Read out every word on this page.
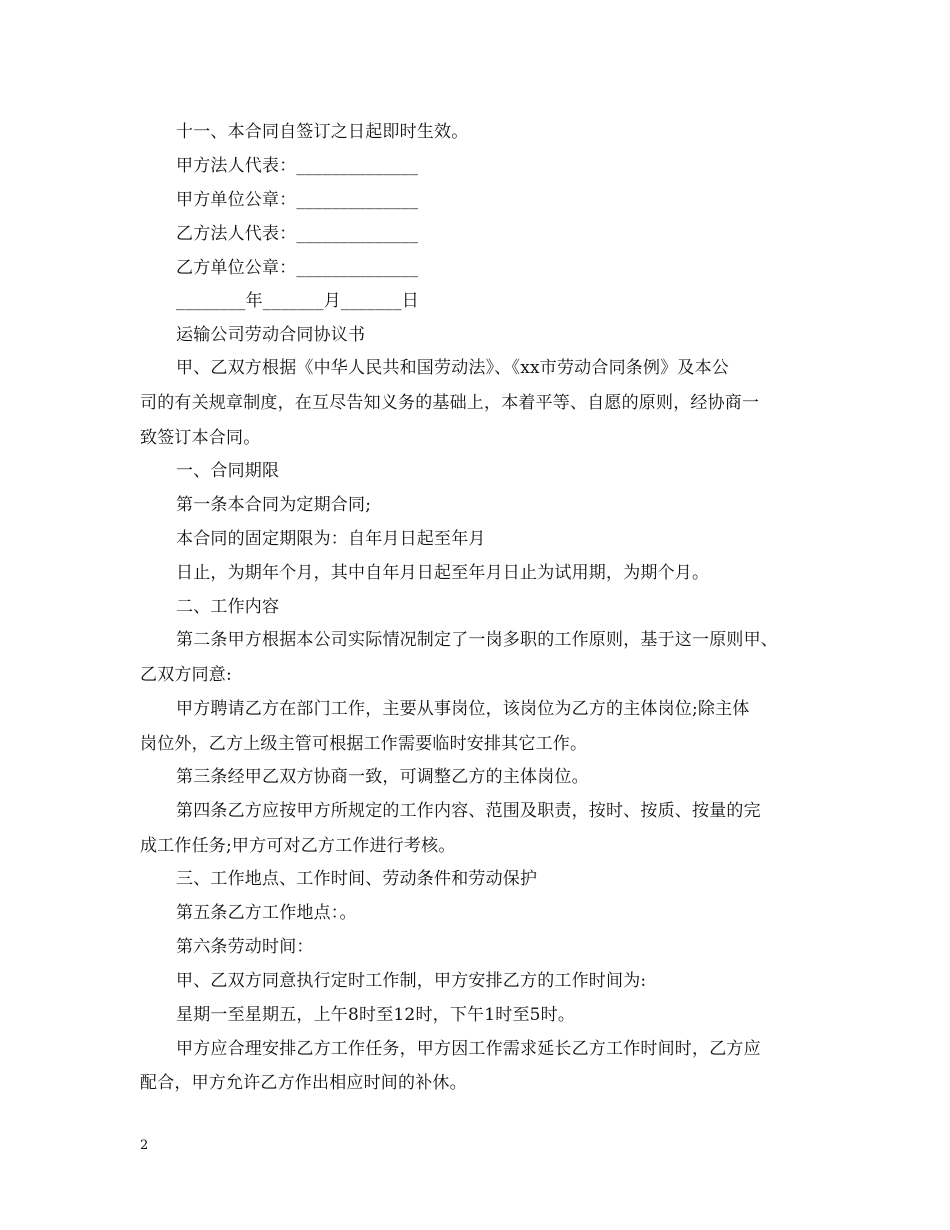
十一、本合同自签订之日起即时生效。
甲方法人代表：______________
甲方单位公章：______________
乙方法人代表：______________
乙方单位公章：______________
________年_______月_______日
运输公司劳动合同协议书
甲、乙双方根据《中华人民共和国劳动法》、《xx市劳动合同条例》及本公
司的有关规章制度，在互尽告知义务的基础上，本着平等、自愿的原则，经协商一
致签订本合同。
一、合同期限
第一条本合同为定期合同;
本合同的固定期限为：自年月日起至年月
日止，为期年个月，其中自年月日起至年月日止为试用期，为期个月。
二、工作内容
第二条甲方根据本公司实际情况制定了一岗多职的工作原则，基于这一原则甲、
乙双方同意:
甲方聘请乙方在部门工作，主要从事岗位，该岗位为乙方的主体岗位;除主体
岗位外，乙方上级主管可根据工作需要临时安排其它工作。
第三条经甲乙双方协商一致，可调整乙方的主体岗位。
第四条乙方应按甲方所规定的工作内容、范围及职责，按时、按质、按量的完
成工作任务;甲方可对乙方工作进行考核。
三、工作地点、工作时间、劳动条件和劳动保护
第五条乙方工作地点：。
第六条劳动时间：
甲、乙双方同意执行定时工作制，甲方安排乙方的工作时间为:
星期一至星期五，上午8时至12时，下午1时至5时。
甲方应合理安排乙方工作任务，甲方因工作需求延长乙方工作时间时，乙方应
配合，甲方允许乙方作出相应时间的补休。
2
